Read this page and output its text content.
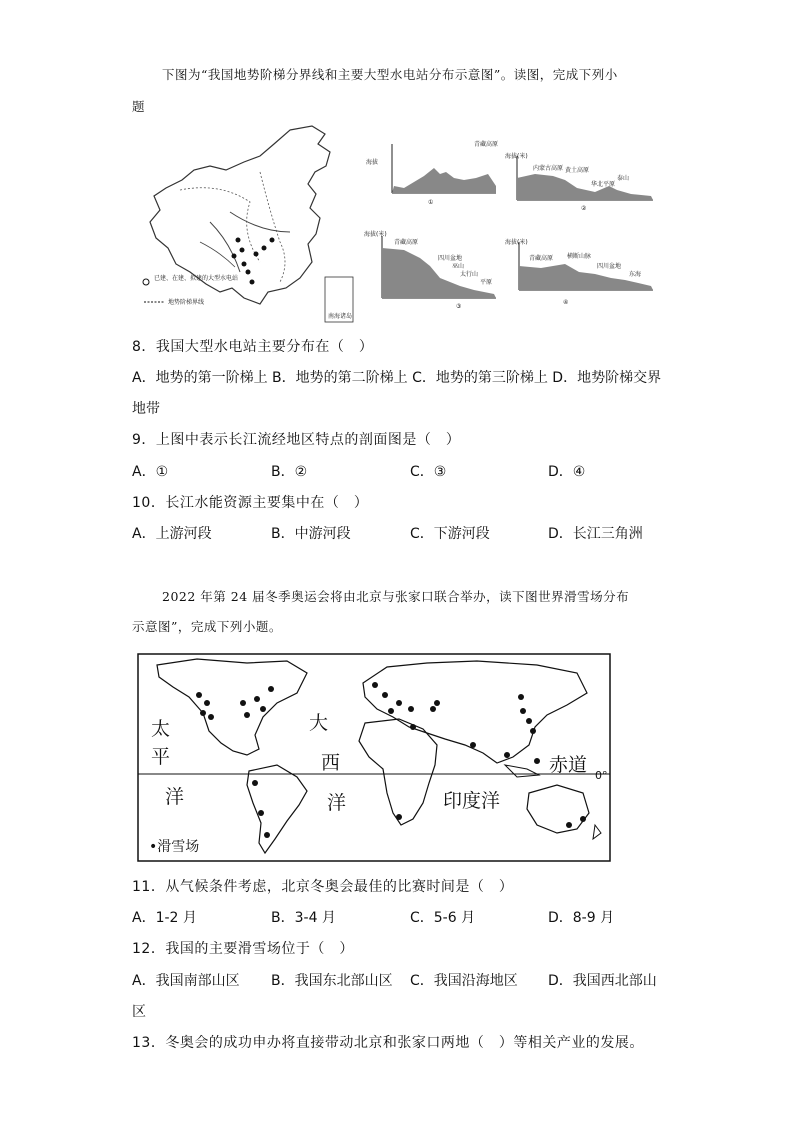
下图为“我国地势阶梯分界线和主要大型水电站分布示意图”。读图，完成下列小
题
南海诸岛
已建、在建、拟建的大型水电站
地势阶梯界线
海拔
青藏高原
①
海拔(米)
内蒙古高原 黄土高原
华北平原
泰山
②
海拔(米)
青藏高原
四川盆地
巫山
太行山
平原
③
海拔(米)
青藏高原 横断山脉
四川盆地
东海
④
8．我国大型水电站主要分布在（　）
A．地势的第一阶梯上 B．地势的第二阶梯上 C．地势的第三阶梯上 D．地势阶梯交界
地带
9．上图中表示长江流经地区特点的剖面图是（　）
A．①	B．②	C．③	D．④
10．长江水能资源主要集中在（　）
A．上游河段	B．中游河段	C．下游河段	D．长江三角洲
2022 年第 24 届冬季奥运会将由北京与张家口联合举办，读下图世界滑雪场分布
示意图”，完成下列小题。
太
平
洋
大
西
洋	印度洋
赤道 0°
•滑雪场
11．从气候条件考虑，北京冬奥会最佳的比赛时间是（　）
A．1-2 月	B．3-4 月	C．5-6 月	D．8-9 月
12．我国的主要滑雪场位于（　）
A．我国南部山区 B．我国东北部山区 C．我国沿海地区 D．我国西北部山
区
13．冬奥会的成功申办将直接带动北京和张家口两地（　）等相关产业的发展。
